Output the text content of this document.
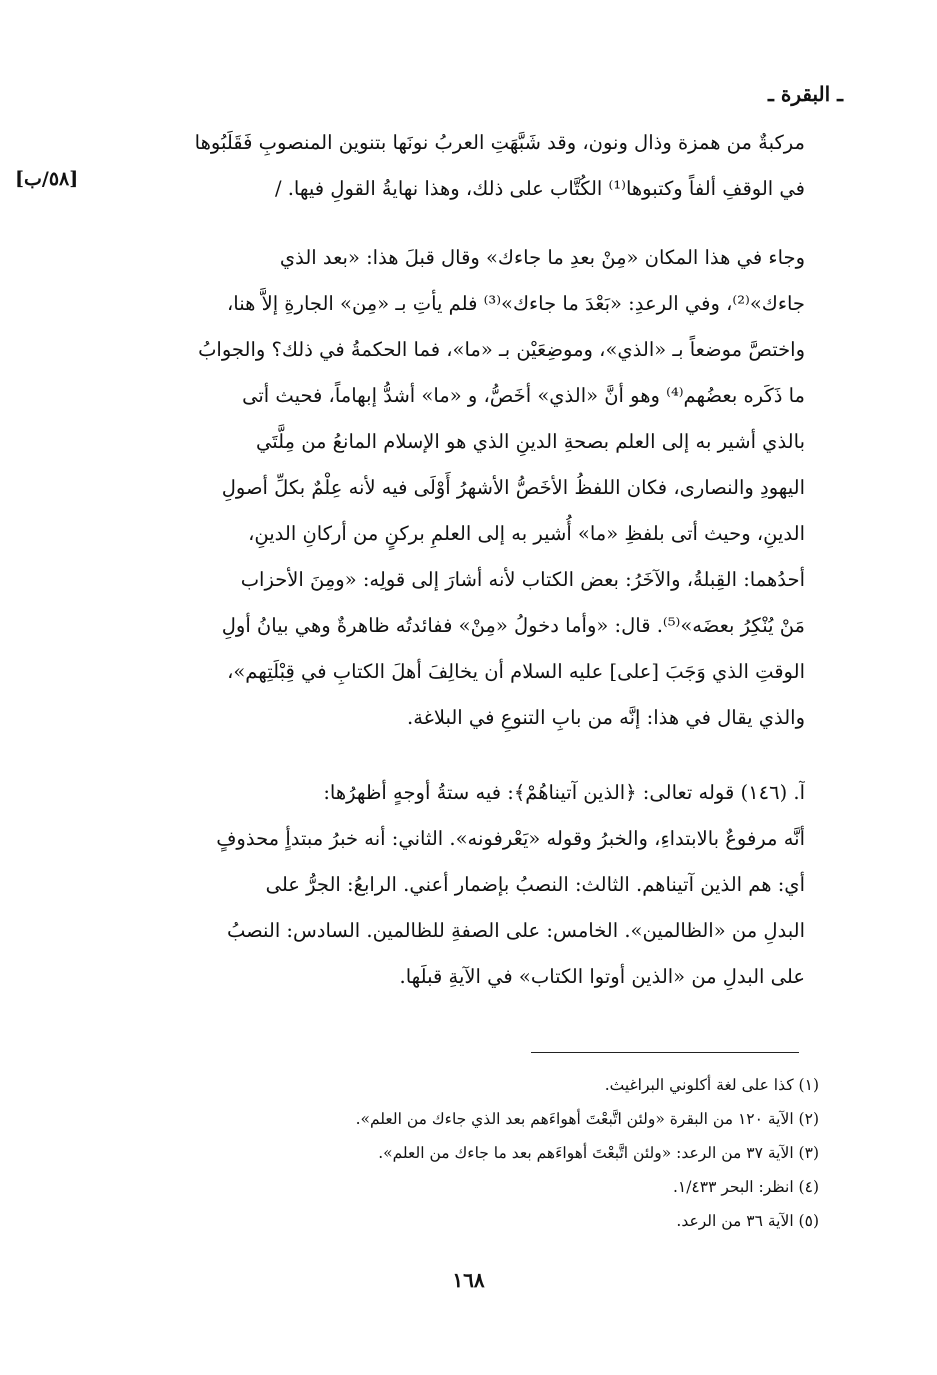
ـ البقرة ـ
[٥٨/ب]
مركبةٌ من همزة وذال ونون، وقد شَبَّهَتِ العربُ نونَها بتنوين المنصوبِ فَقَلَبُوها
في الوقفِ ألفاً وكتبوها⁽¹⁾ الكُتَّاب على ذلك، وهذا نهايةُ القولِ فيها. /
وجاء في هذا المكان «مِنْ بعدِ ما جاءك» وقال قبلَ هذا: «بعد الذي
جاءك»⁽²⁾، وفي الرعدِ: «بَعْدَ ما جاءك»⁽³⁾ فلم يأتِ بـ «مِن» الجارةِ إلاَّ هنا،
واختصَّ موضعاً بـ «الذي»، وموضِعَيْن بـ «ما»، فما الحكمةُ في ذلك؟ والجوابُ
ما ذَكَره بعضُهم⁽⁴⁾ وهو أنَّ «الذي» أخَصُّ، و «ما» أشدُّ إبهاماً، فحيث أتى
بالذي أشير به إلى العلم بصحةِ الدينِ الذي هو الإسلام المانعُ من مِلَّتَي
اليهودِ والنصارى، فكان اللفظُ الأخَصُّ الأشهرُ أَوْلَى فيه لأنه عِلْمٌ بكلِّ أصولِ
الدينِ، وحيث أتى بلفظِ «ما» أُشير به إلى العلمِ بركنٍ من أركانِ الدينِ،
أحدُهما: القِبلةُ، والآخَرُ: بعض الكتاب لأنه أشارَ إلى قولِه: «ومِنَ الأحزاب
مَنْ يُنْكِرُ بعضَه»⁽⁵⁾. قال: «وأما دخولُ «مِنْ» ففائدتُه ظاهرةٌ وهي بيانُ أولِ
الوقتِ الذي وَجَبَ [على] عليه السلام أن يخالِفَ أهلَ الكتابِ في قِبْلَتِهم»،
والذي يقال في هذا: إنَّه من بابِ التنوعِ في البلاغة.
آ. (١٤٦) قوله تعالى: ﴿الذين آتيناهُمْ﴾: فيه ستةُ أوجهٍ أظهرُها:
أنَّه مرفوعٌ بالابتداءِ، والخبرُ وقوله «يَعْرفونه». الثاني: أنه خبرُ مبتدأٍ محذوفٍ
أي: هم الذين آتيناهم. الثالث: النصبُ بإضمار أعني. الرابعُ: الجرُّ على
البدلِ من «الظالمين». الخامس: على الصفةِ للظالمين. السادس: النصبُ
على البدلِ من «الذين أوتوا الكتاب» في الآيةِ قبلَها.
(١) كذا على لغة أكلوني البراغيث.
(٢) الآية ١٢٠ من البقرة «ولئن اتَّبعْتَ أهواءَهم بعد الذي جاءك من العلم».
(٣) الآية ٣٧ من الرعد: «ولئن اتَّبعْتَ أهواءَهم بعد ما جاءك من العلم».
(٤) انظر: البحر ١/٤٣٣.
(٥) الآية ٣٦ من الرعد.
١٦٨
